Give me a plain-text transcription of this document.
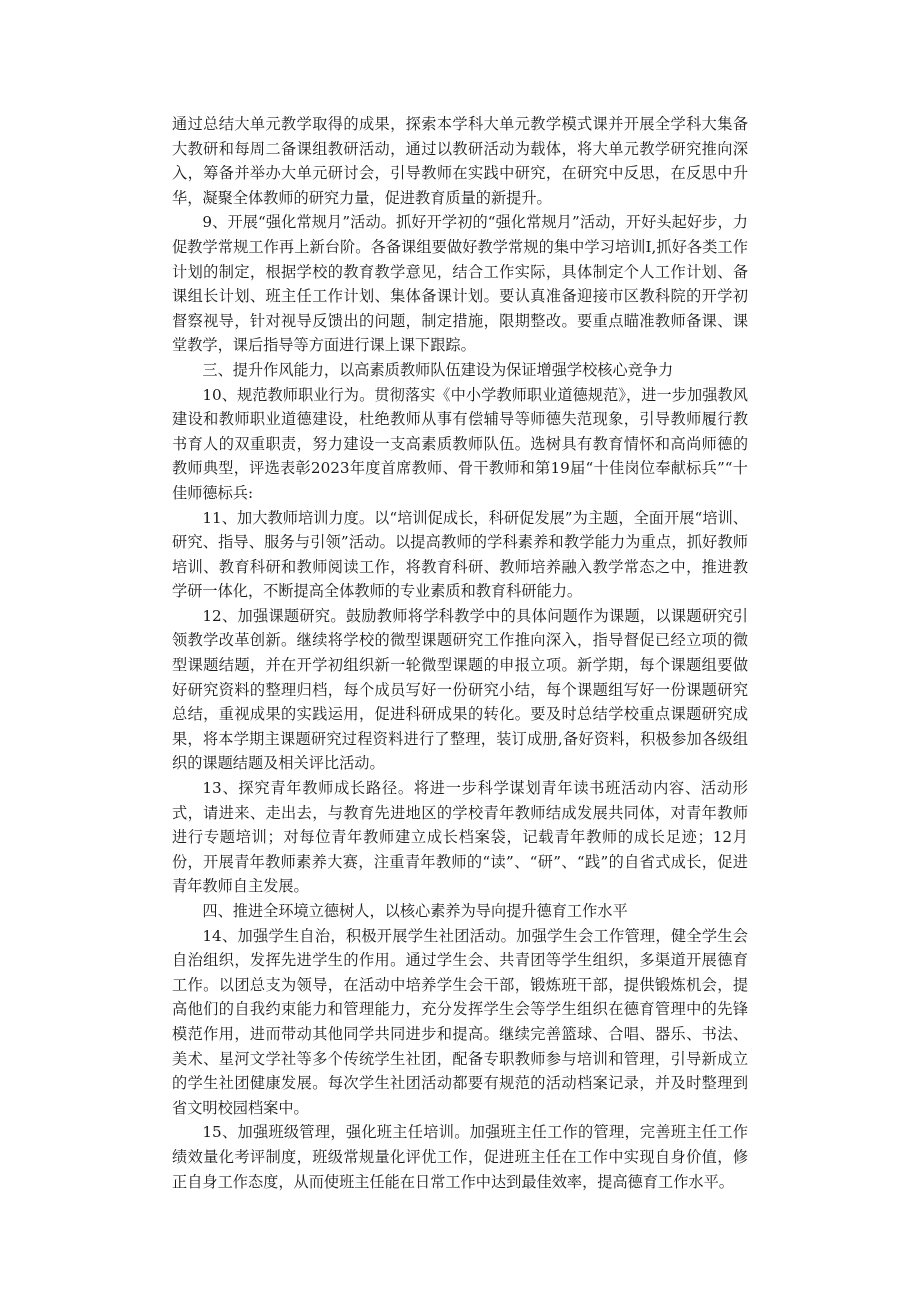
通过总结大单元教学取得的成果，探索本学科大单元教学模式课并开展全学科大集备大教研和每周二备课组教研活动，通过以教研活动为载体，将大单元教学研究推向深入，筹备并举办大单元研讨会，引导教师在实践中研究，在研究中反思，在反思中升华，凝聚全体教师的研究力量，促进教育质量的新提升。

9、开展“强化常规月”活动。抓好开学初的“强化常规月”活动，开好头起好步，力促教学常规工作再上新台阶。各备课组要做好教学常规的集中学习培训I,抓好各类工作计划的制定，根据学校的教育教学意见，结合工作实际，具体制定个人工作计划、备课组长计划、班主任工作计划、集体备课计划。要认真准备迎接市区教科院的开学初督察视导，针对视导反馈出的问题，制定措施，限期整改。要重点瞄准教师备课、课堂教学，课后指导等方面进行课上课下跟踪。

三、提升作风能力，以高素质教师队伍建设为保证增强学校核心竞争力

10、规范教师职业行为。贯彻落实《中小学教师职业道德规范》，进一步加强教风建设和教师职业道德建设，杜绝教师从事有偿辅导等师德失范现象，引导教师履行教书育人的双重职责，努力建设一支高素质教师队伍。选树具有教育情怀和高尚师德的教师典型，评选表彰2023年度首席教师、骨干教师和第19届“十佳岗位奉献标兵”“十佳师德标兵:

11、加大教师培训力度。以“培训促成长，科研促发展”为主题，全面开展“培训、研究、指导、服务与引领”活动。以提高教师的学科素养和教学能力为重点，抓好教师培训、教育科研和教师阅读工作，将教育科研、教师培养融入教学常态之中，推进教学研一体化，不断提高全体教师的专业素质和教育科研能力。

12、加强课题研究。鼓励教师将学科教学中的具体问题作为课题，以课题研究引领教学改革创新。继续将学校的微型课题研究工作推向深入，指导督促已经立项的微型课题结题，并在开学初组织新一轮微型课题的申报立项。新学期，每个课题组要做好研究资料的整理归档，每个成员写好一份研究小结，每个课题组写好一份课题研究总结，重视成果的实践运用，促进科研成果的转化。要及时总结学校重点课题研究成果，将本学期主课题研究过程资料进行了整理，装订成册,备好资料，积极参加各级组织的课题结题及相关评比活动。

13、探究青年教师成长路径。将进一步科学谋划青年读书班活动内容、活动形式，请进来、走出去，与教育先进地区的学校青年教师结成发展共同体，对青年教师进行专题培训；对每位青年教师建立成长档案袋，记载青年教师的成长足迹；12月份，开展青年教师素养大赛，注重青年教师的“读”、“研”、“践”的自省式成长，促进青年教师自主发展。

四、推进全环境立德树人，以核心素养为导向提升德育工作水平

14、加强学生自治，积极开展学生社团活动。加强学生会工作管理，健全学生会自治组织，发挥先进学生的作用。通过学生会、共青团等学生组织，多渠道开展德育工作。以团总支为领导，在活动中培养学生会干部，锻炼班干部，提供锻炼机会，提高他们的自我约束能力和管理能力，充分发挥学生会等学生组织在德育管理中的先锋模范作用，进而带动其他同学共同进步和提高。继续完善篮球、合唱、器乐、书法、美术、星河文学社等多个传统学生社团，配备专职教师参与培训和管理，引导新成立的学生社团健康发展。每次学生社团活动都要有规范的活动档案记录，并及时整理到省文明校园档案中。

15、加强班级管理，强化班主任培训。加强班主任工作的管理，完善班主任工作绩效量化考评制度，班级常规量化评优工作，促进班主任在工作中实现自身价值，修正自身工作态度，从而使班主任能在日常工作中达到最佳效率，提高德育工作水平。
